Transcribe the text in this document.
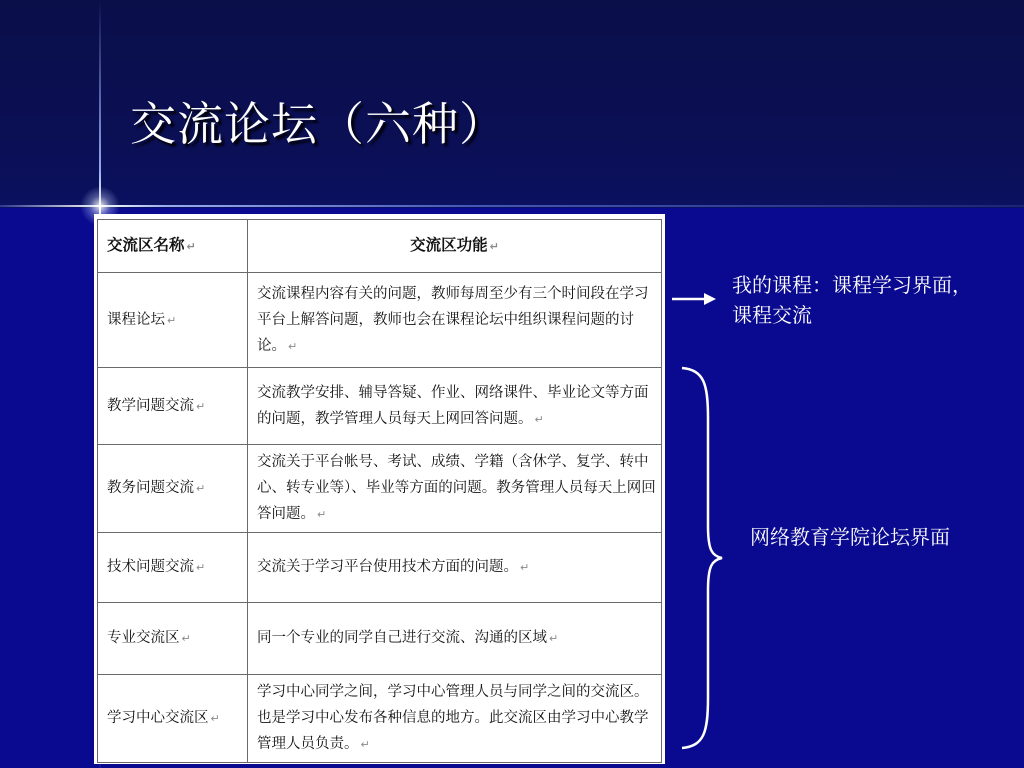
交流论坛（六种）
交流区名称 ↵	交流区功能 ↵
课程论坛 ↵	交流课程内容有关的问题，教师每周至少有三个时间段在学习平台上解答问题，教师也会在课程论坛中组织课程问题的讨论。 ↵
教学问题交流 ↵	交流教学安排、辅导答疑、作业、网络课件、毕业论文等方面的问题，教学管理人员每天上网回答问题。 ↵
教务问题交流 ↵	交流关于平台帐号、考试、成绩、学籍（含休学、复学、转中心、转专业等）、毕业等方面的问题。教务管理人员每天上网回答问题。 ↵
技术问题交流 ↵	交流关于学习平台使用技术方面的问题。 ↵
专业交流区 ↵	同一个专业的同学自己进行交流、沟通的区域 ↵
学习中心交流区 ↵	学习中心同学之间，学习中心管理人员与同学之间的交流区。也是学习中心发布各种信息的地方。此交流区由学习中心教学管理人员负责。 ↵
我的课程：课程学习界面，课程交流
网络教育学院论坛界面
